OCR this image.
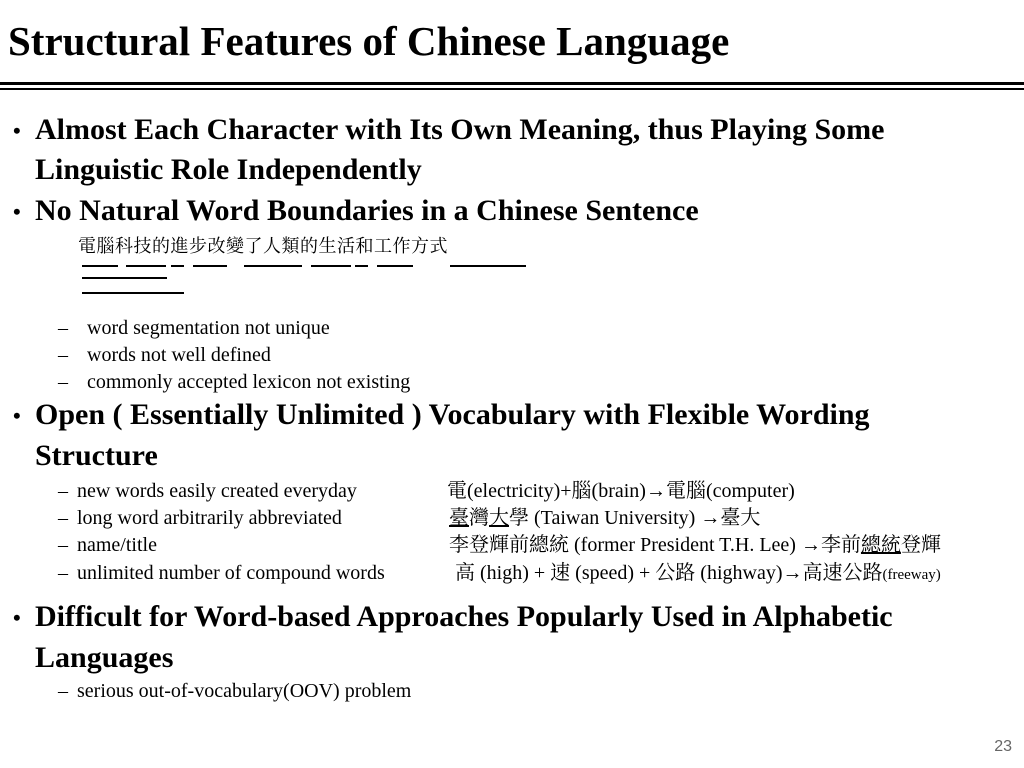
Structural Features of Chinese Language
• Almost Each Character with Its Own Meaning, thus Playing Some
Linguistic Role Independently
• No Natural Word Boundaries in a Chinese Sentence
電腦科技的進步改變了人類的生活和工作方式
– word segmentation not unique
– words not well defined
– commonly accepted lexicon not existing
• Open ( Essentially Unlimited ) Vocabulary with Flexible Wording
Structure
– new words easily created everyday	電(electricity)+腦(brain)→電腦(computer)
– long word arbitrarily abbreviated	臺灣大學 (Taiwan University) →臺大
– name/title	李登輝前總統 (former President T.H. Lee) →李前總統登輝
– unlimited number of compound words	高 (high) + 速 (speed) + 公路 (highway)→高速公路(freeway)
• Difficult for Word-based Approaches Popularly Used in Alphabetic
Languages
– serious out-of-vocabulary(OOV) problem
23
